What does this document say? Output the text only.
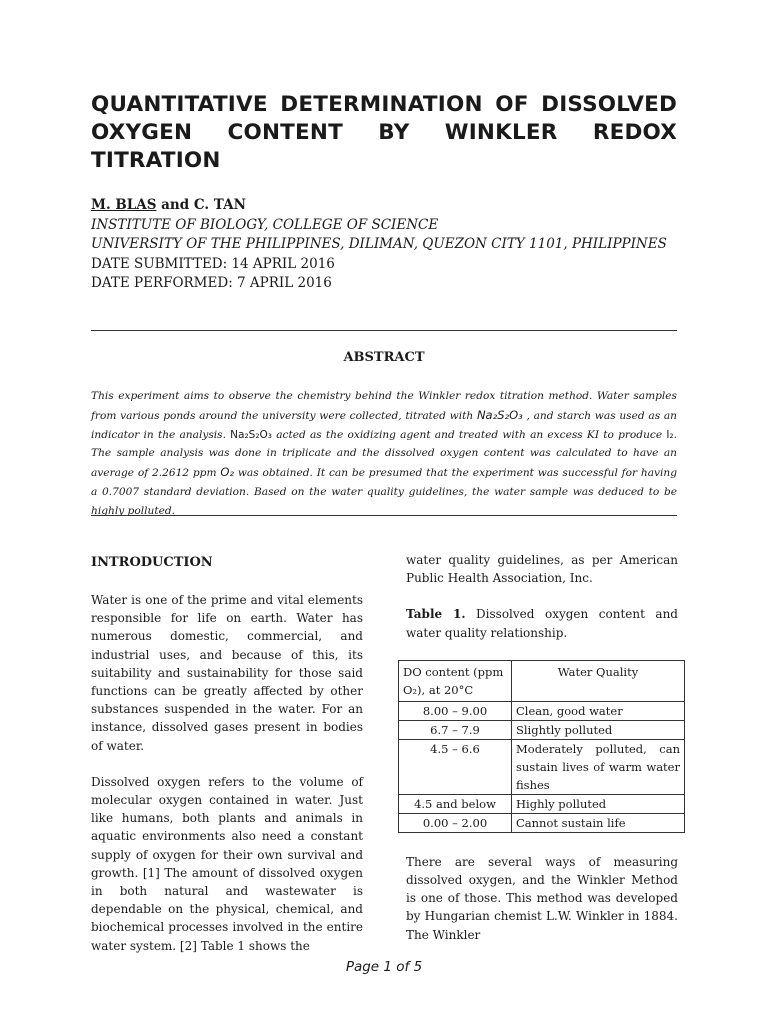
QUANTITATIVE DETERMINATION OF DISSOLVED OXYGEN CONTENT BY WINKLER REDOX TITRATION
M. BLAS and C. TAN
INSTITUTE OF BIOLOGY, COLLEGE OF SCIENCE
UNIVERSITY OF THE PHILIPPINES, DILIMAN, QUEZON CITY 1101, PHILIPPINES
DATE SUBMITTED: 14 APRIL 2016
DATE PERFORMED: 7 APRIL 2016
ABSTRACT

This experiment aims to observe the chemistry behind the Winkler redox titration method. Water samples from various ponds around the university were collected, titrated with Na₂S₂O₃ , and starch was used as an indicator in the analysis. Na₂S₂O₃ acted as the oxidizing agent and treated with an excess KI to produce I₂. The sample analysis was done in triplicate and the dissolved oxygen content was calculated to have an average of 2.2612 ppm O₂ was obtained. It can be presumed that the experiment was successful for having a 0.7007 standard deviation. Based on the water quality guidelines, the water sample was deduced to be highly polluted.

INTRODUCTION

Water is one of the prime and vital elements responsible for life on earth. Water has numerous domestic, commercial, and industrial uses, and because of this, its suitability and sustainability for those said functions can be greatly affected by other substances suspended in the water. For an instance, dissolved gases present in bodies of water.

Dissolved oxygen refers to the volume of molecular oxygen contained in water. Just like humans, both plants and animals in aquatic environments also need a constant supply of oxygen for their own survival and growth. [1] The amount of dissolved oxygen in both natural and wastewater is dependable on the physical, chemical, and biochemical processes involved in the entire water system. [2] Table 1 shows the

water quality guidelines, as per American Public Health Association, Inc.

Table 1. Dissolved oxygen content and water quality relationship.
DO content (ppm O₂), at 20°C	Water Quality
8.00 – 9.00	Clean, good water
6.7 – 7.9	Slightly polluted
4.5 – 6.6	Moderately polluted, can sustain lives of warm water fishes
4.5 and below	Highly polluted
0.00 – 2.00	Cannot sustain life

There are several ways of measuring dissolved oxygen, and the Winkler Method is one of those. This method was developed by Hungarian chemist L.W. Winkler in 1884. The Winkler

Page 1 of 5
